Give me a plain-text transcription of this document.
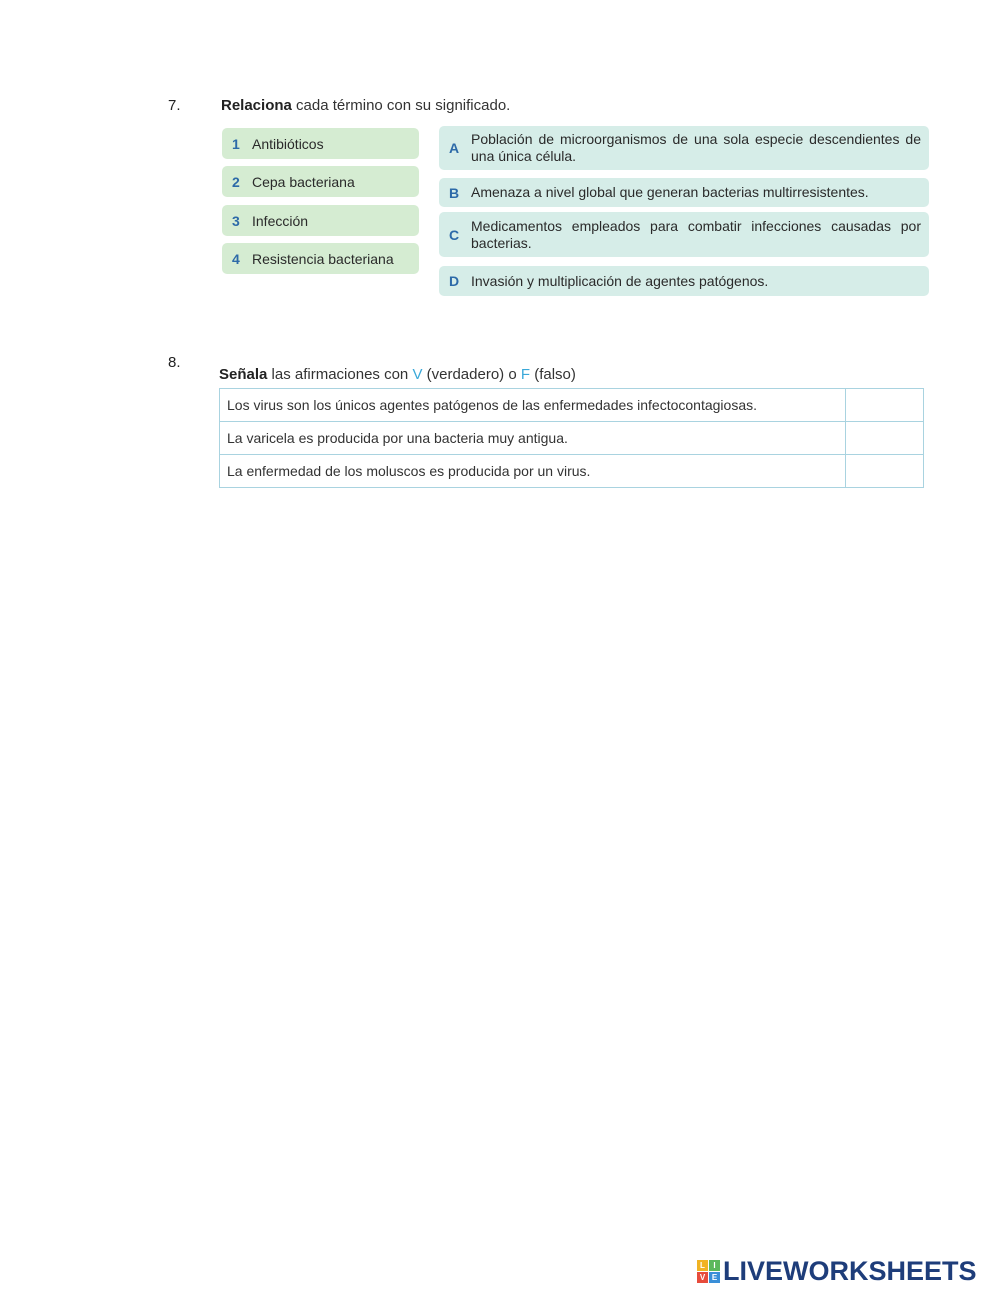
7.	Relaciona cada término con su significado.
1 Antibióticos
2 Cepa bacteriana
3 Infección
4 Resistencia bacteriana
A
Población de microorganismos de una sola especie descendientes de una única célula.
B Amenaza a nivel global que generan bacterias multirresistentes.
C
Medicamentos empleados para combatir infecciones causadas por bacterias.
D Invasión y multiplicación de agentes patógenos.
8.
Señala las afirmaciones con V (verdadero) o F (falso)
Los virus son los únicos agentes patógenos de las enfermedades infectocontagiosas.	
La varicela es producida por una bacteria muy antigua.	
La enfermedad de los moluscos es producida por un virus.	
L	I
V E LIVEWORKSHEETS
